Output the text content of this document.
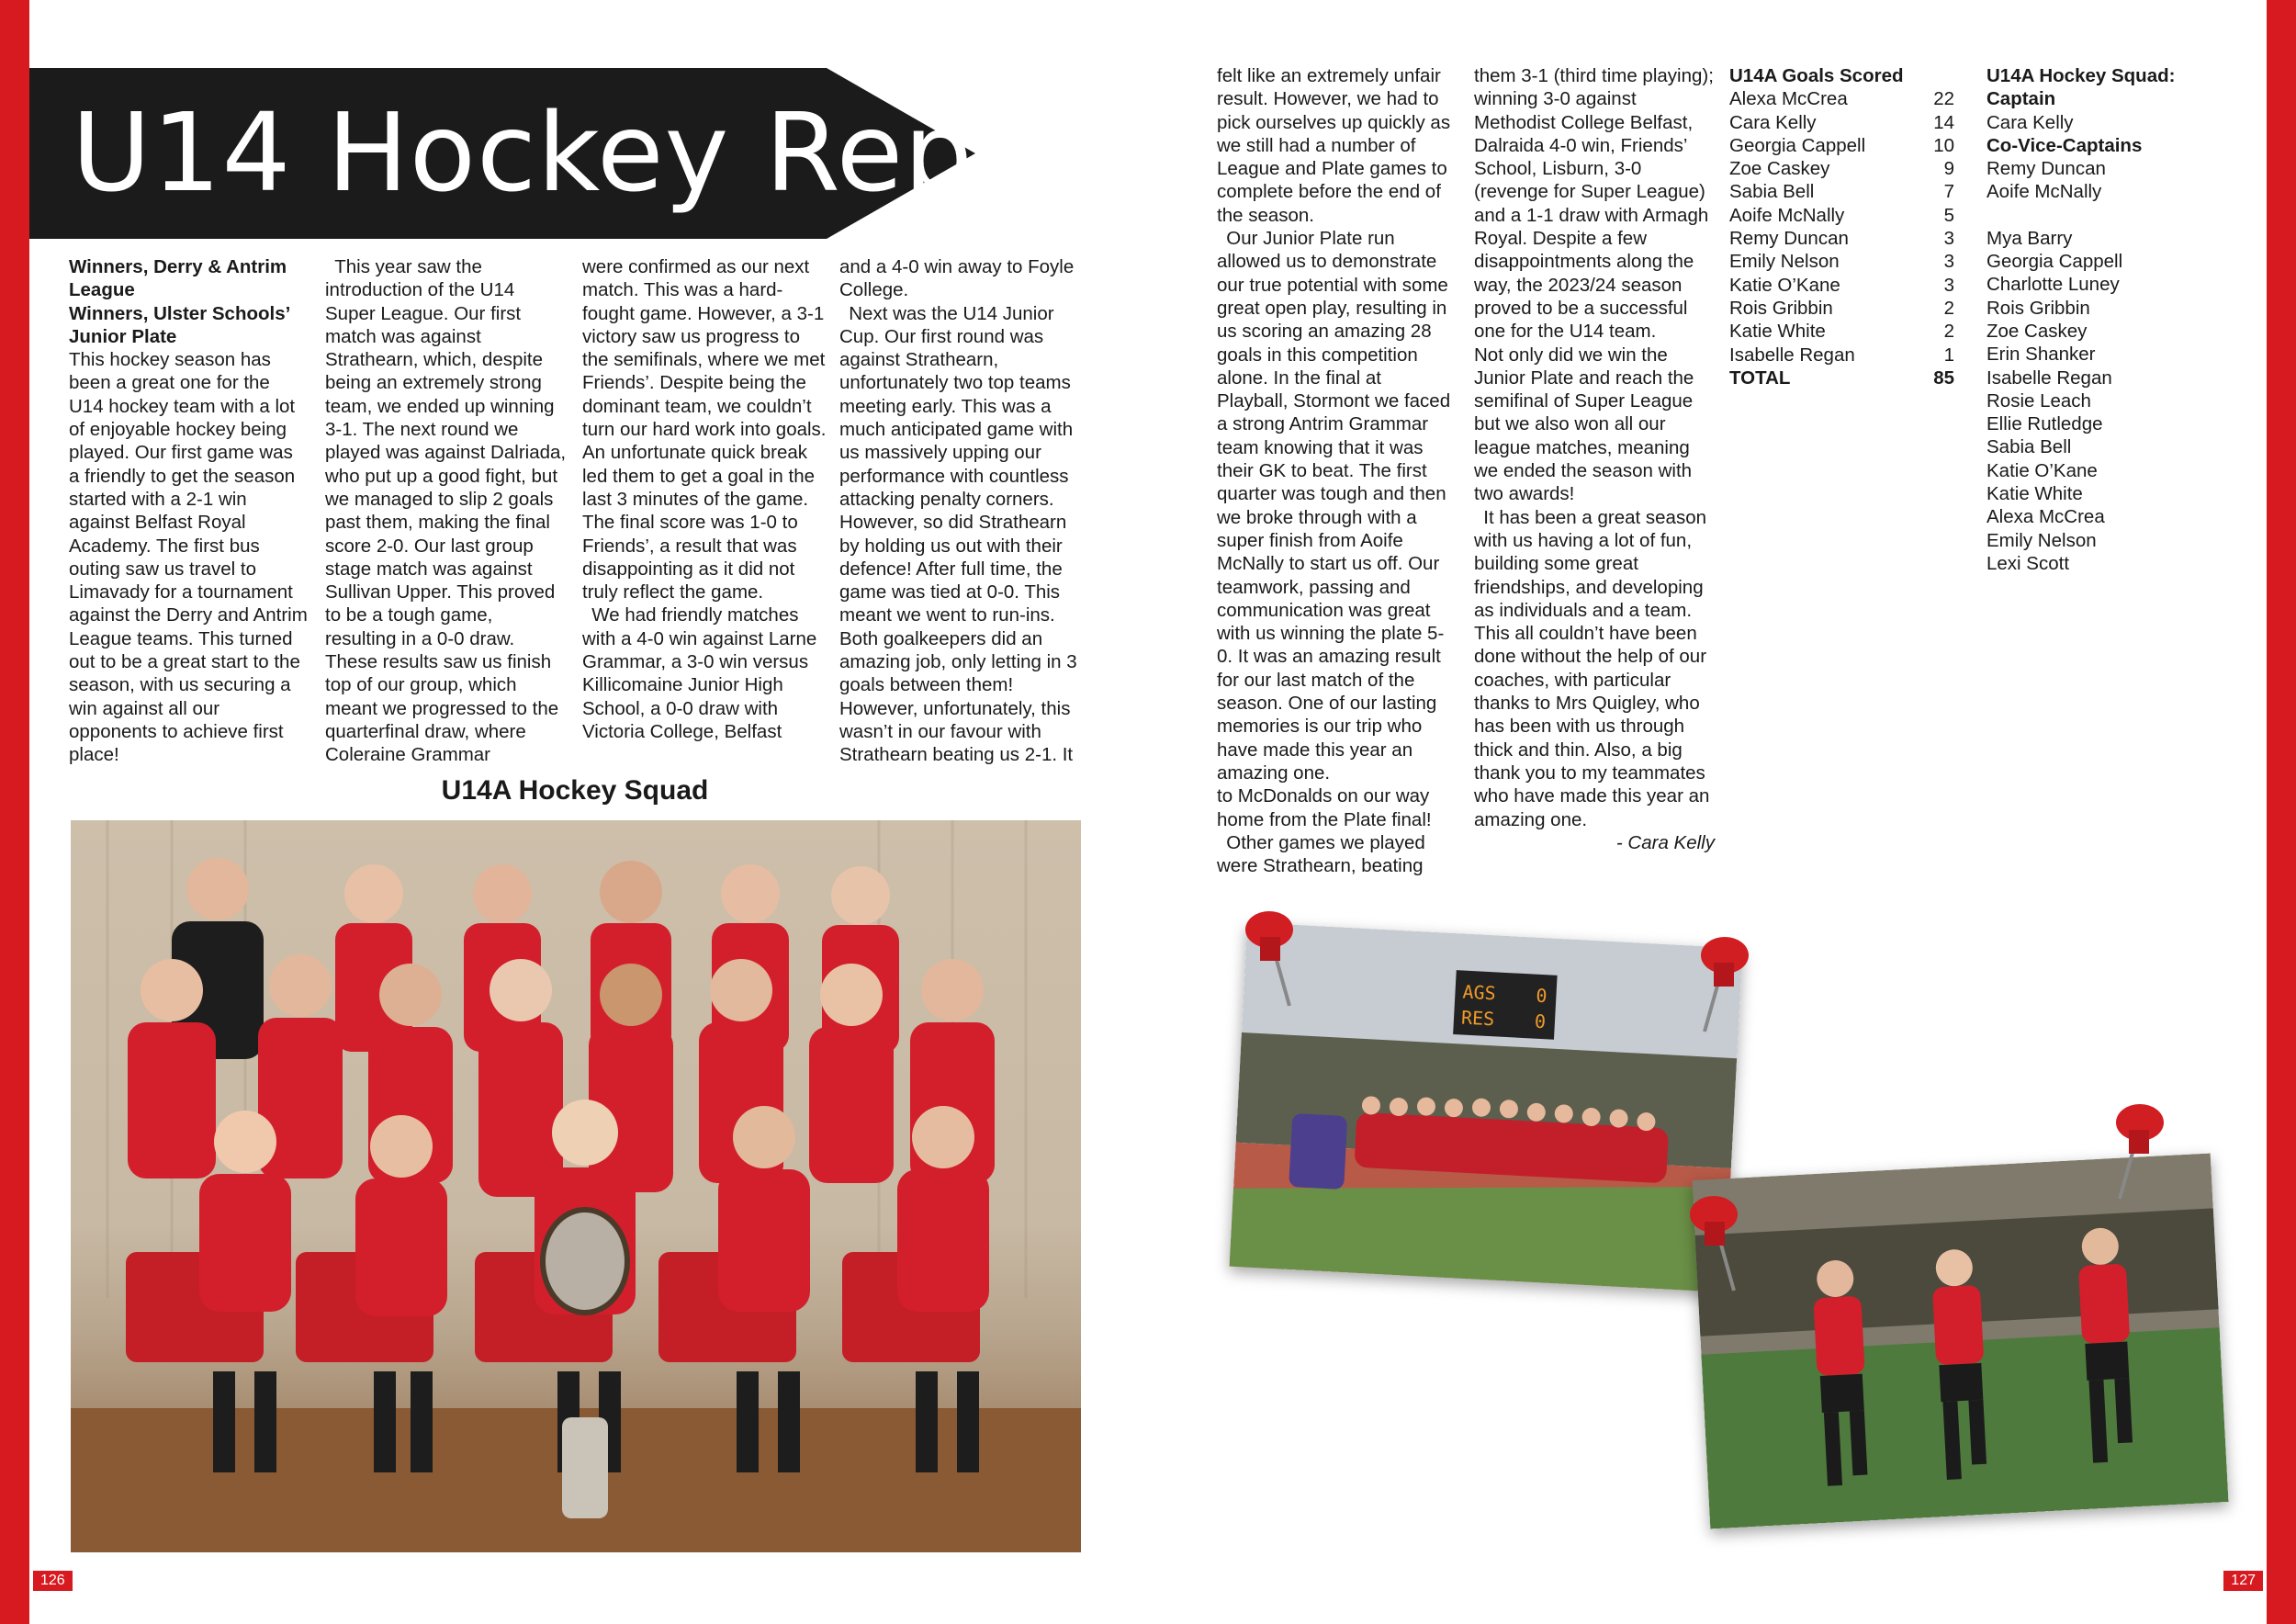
U14 Hockey Report

Winners, Derry & Antrim League

Winners, Ulster Schools’ Junior Plate

This hockey season has been a great one for the U14 hockey team with a lot of enjoyable hockey being played. Our first game was a friendly to get the season started with a 2-1 win against Belfast Royal Academy. The first bus outing saw us travel to Limavady for a tournament against the Derry and Antrim League teams. This turned out to be a great start to the season, with us securing a win against all our opponents to achieve first place!

This year saw the introduction of the U14 Super League. Our first match was against Strathearn, which, despite being an extremely strong team, we ended up winning 3-1. The next round we played was against Dalriada, who put up a good fight, but we managed to slip 2 goals past them, making the final score 2-0. Our last group stage match was against Sullivan Upper. This proved to be a tough game, resulting in a 0-0 draw. These results saw us finish top of our group, which meant we progressed to the quarterfinal draw, where Coleraine Grammar

were confirmed as our next match. This was a hard-fought game. However, a 3-1 victory saw us progress to the semifinals, where we met Friends’. Despite being the dominant team, we couldn’t turn our hard work into goals. An unfortunate quick break led them to get a goal in the last 3 minutes of the game. The final score was 1-0 to Friends’, a result that was disappointing as it did not truly reflect the game.

We had friendly matches with a 4-0 win against Larne Grammar, a 3-0 win versus Killicomaine Junior High School, a 0-0 draw with Victoria College, Belfast

and a 4-0 win away to Foyle College.

Next was the U14 Junior Cup. Our first round was against Strathearn, unfortunately two top teams meeting early. This was a much anticipated game with us massively upping our performance with countless attacking penalty corners. However, so did Strathearn by holding us out with their defence! After full time, the game was tied at 0-0. This meant we went to run-ins. Both goalkeepers did an amazing job, only letting in 3 goals between them! However, unfortunately, this wasn’t in our favour with Strathearn beating us 2-1. It

U14A Hockey Squad

felt like an extremely unfair result. However, we had to pick ourselves up quickly as we still had a number of League and Plate games to complete before the end of the season.

Our Junior Plate run allowed us to demonstrate our true potential with some great open play, resulting in us scoring an amazing 28 goals in this competition alone. In the final at Playball, Stormont we faced a strong Antrim Grammar team knowing that it was their GK to beat. The first quarter was tough and then we broke through with a super finish from Aoife McNally to start us off. Our teamwork, passing and communication was great with us winning the plate 5-0. It was an amazing result for our last match of the season. One of our lasting memories is our trip who have made this year an amazing one.

to McDonalds on our way home from the Plate final!

Other games we played were Strathearn, beating

them 3-1 (third time playing); winning 3-0 against Methodist College Belfast, Dalraida 4-0 win, Friends’ School, Lisburn, 3-0 (revenge for Super League) and a 1-1 draw with Armagh Royal. Despite a few disappointments along the way, the 2023/24 season proved to be a successful one for the U14 team.

Not only did we win the Junior Plate and reach the semifinal of Super League but we also won all our league matches, meaning we ended the season with two awards!

It has been a great season with us having a lot of fun, building some great friendships, and developing as individuals and a team. This all couldn’t have been done without the help of our coaches, with particular thanks to Mrs Quigley, who has been with us through thick and thin. Also, a big thank you to my teammates who have made this year an amazing one.

- Cara Kelly

U14A Goals Scored
Alexa McCrea	22
Cara Kelly	14
Georgia Cappell	10
Zoe Caskey	9
Sabia Bell	7
Aoife McNally	5
Remy Duncan	3
Emily Nelson	3
Katie O’Kane	3
Rois Gribbin	2
Katie White	2
Isabelle Regan	1
TOTAL	85
U14A Hockey Squad:
Captain
Cara Kelly
Co-Vice-Captains
Remy Duncan
Aoife McNally
Mya Barry
Georgia Cappell
Charlotte Luney
Rois Gribbin
Zoe Caskey
Erin Shanker
Isabelle Regan
Rosie Leach
Ellie Rutledge
Sabia Bell
Katie O’Kane
Katie White
Alexa McCrea
Emily Nelson
Lexi Scott
AGS
RES
0
0
126	127
